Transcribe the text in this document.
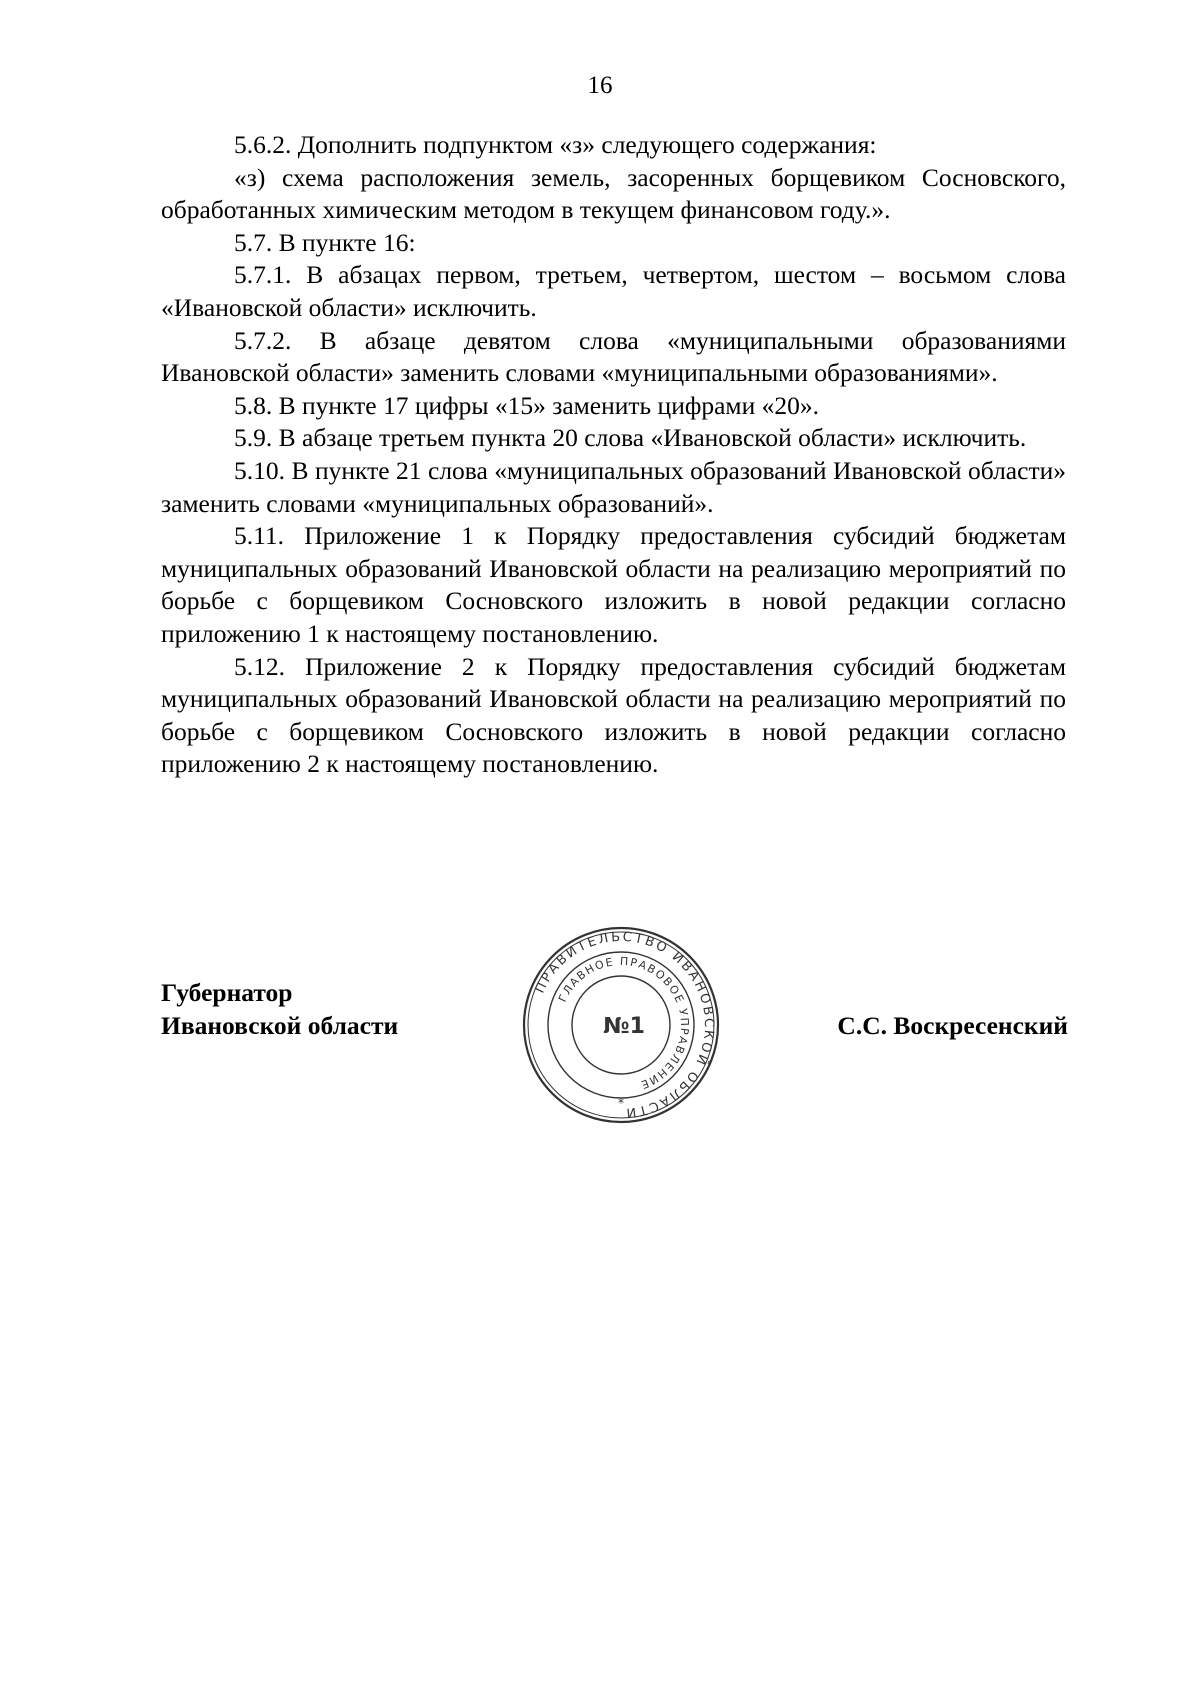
16

5.6.2. Дополнить подпунктом «з» следующего содержания:

«з) схема расположения земель, засоренных борщевиком Сосновского, обработанных химическим методом в текущем финансовом году.».

5.7. В пункте 16:

5.7.1. В абзацах первом, третьем, четвертом, шестом – восьмом слова «Ивановской области» исключить.

5.7.2. В абзаце девятом слова «муниципальными образованиями Ивановской области» заменить словами «муниципальными образованиями».

5.8. В пункте 17 цифры «15» заменить цифрами «20».

5.9. В абзаце третьем пункта 20 слова «Ивановской области» исключить.

5.10. В пункте 21 слова «муниципальных образований Ивановской области» заменить словами «муниципальных образований».

5.11. Приложение 1 к Порядку предоставления субсидий бюджетам муниципальных образований Ивановской области на реализацию мероприятий по борьбе с борщевиком Сосновского изложить в новой редакции согласно приложению 1 к настоящему постановлению.

5.12. Приложение 2 к Порядку предоставления субсидий бюджетам муниципальных образований Ивановской области на реализацию мероприятий по борьбе с борщевиком Сосновского изложить в новой редакции согласно приложению 2 к настоящему постановлению.

Губернатор
Ивановской области
ПРАВИТЕЛЬСТВО ИВАНОВСКОЙ ОБЛАСТИ
ГЛАВНОЕ ПРАВОВОЕ УПРАВЛЕНИЕ
*
№1	С.С. Воскресенский
